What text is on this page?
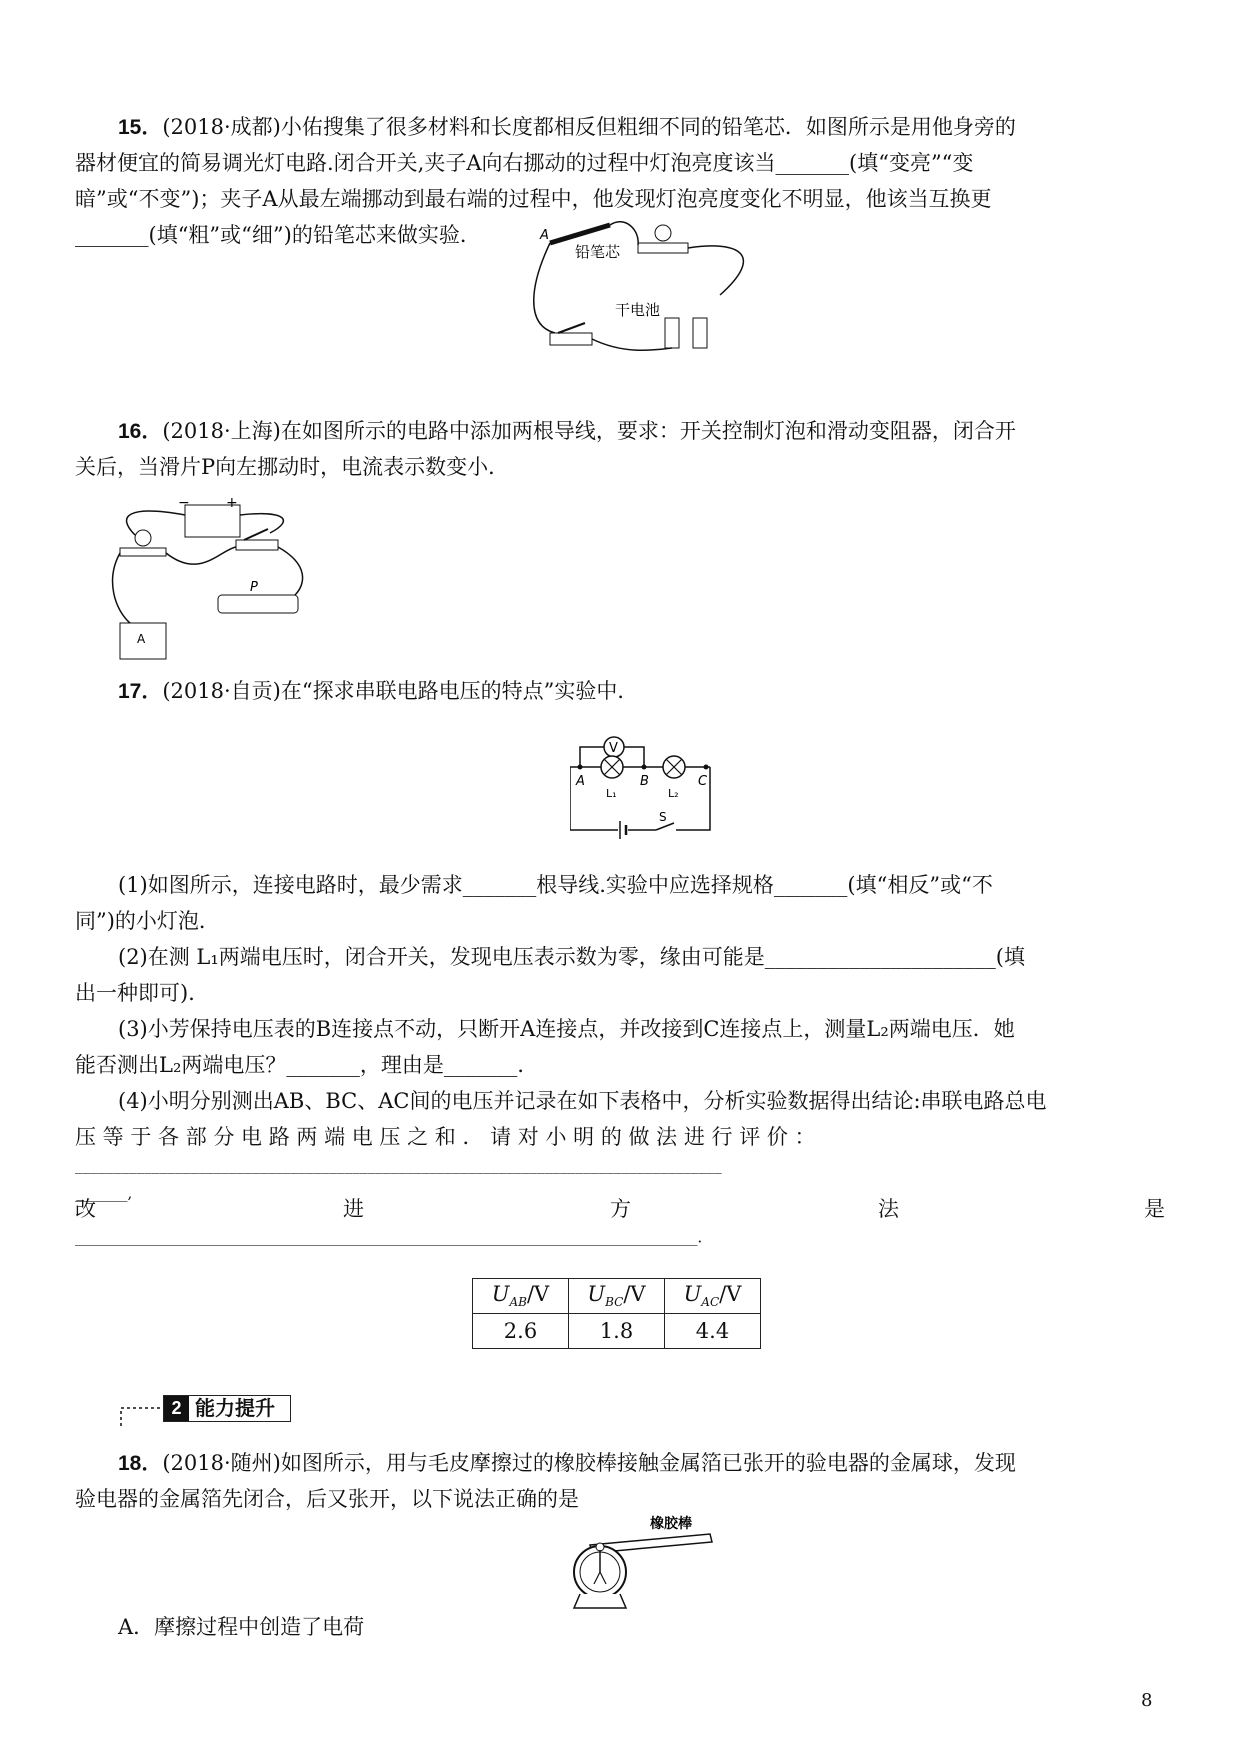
15．(2018·成都)小佑搜集了很多材料和长度都相反但粗细不同的铅笔芯．如图所示是用他身旁的
器材便宜的简易调光灯电路.闭合开关,夹子A向右挪动的过程中灯泡亮度该当_______(填“变亮”“变
暗”或“不变”)；夹子A从最左端挪动到最右端的过程中，他发现灯泡亮度变化不明显，他该当互换更
_______(填“粗”或“细”)的铅笔芯来做实验．	A
铅笔芯
干电池
16．(2018·上海)在如图所示的电路中添加两根导线，要求：开关控制灯泡和滑动变阻器，闭合开
关后，当滑片P向左挪动时，电流表示数变小．
−	+
P
A
17．(2018·自贡)在“探求串联电路电压的特点”实验中．
V
A	B	C
L₁	L₂
S
(1)如图所示，连接电路时，最少需求_______根导线.实验中应选择规格_______(填“相反”或“不
同”)的小灯泡．
(2)在测 L₁两端电压时，闭合开关，发现电压表示数为零，缘由可能是______________________(填
出一种即可)．
(3)小芳保持电压表的B连接点不动，只断开A连接点，并改接到C连接点上，测量L₂两端电压．她
能否测出L₂两端电压？_______，理由是_______．
(4)小明分别测出AB、BC、AC间的电压并记录在如下表格中，分析实验数据得出结论:串联电路总电
压 等 于 各 部 分 电 路 两 端 电 压 之 和 ． 请 对 小 明 的 做 法 进 行 评 价 ：
____________________________________________________________________________________
_______,
改	进	方	法	是
___________________________________________________________________________________．
$U_{AB}/V$	$U_{BC}/V$	$U_{AC}/V$
2.6	1.8	4.4
2 能力提升
18．(2018·随州)如图所示，用与毛皮摩擦过的橡胶棒接触金属箔已张开的验电器的金属球，发现
验电器的金属箔先闭合，后又张开，以下说法正确的是
橡胶棒
A．摩擦过程中创造了电荷
8
